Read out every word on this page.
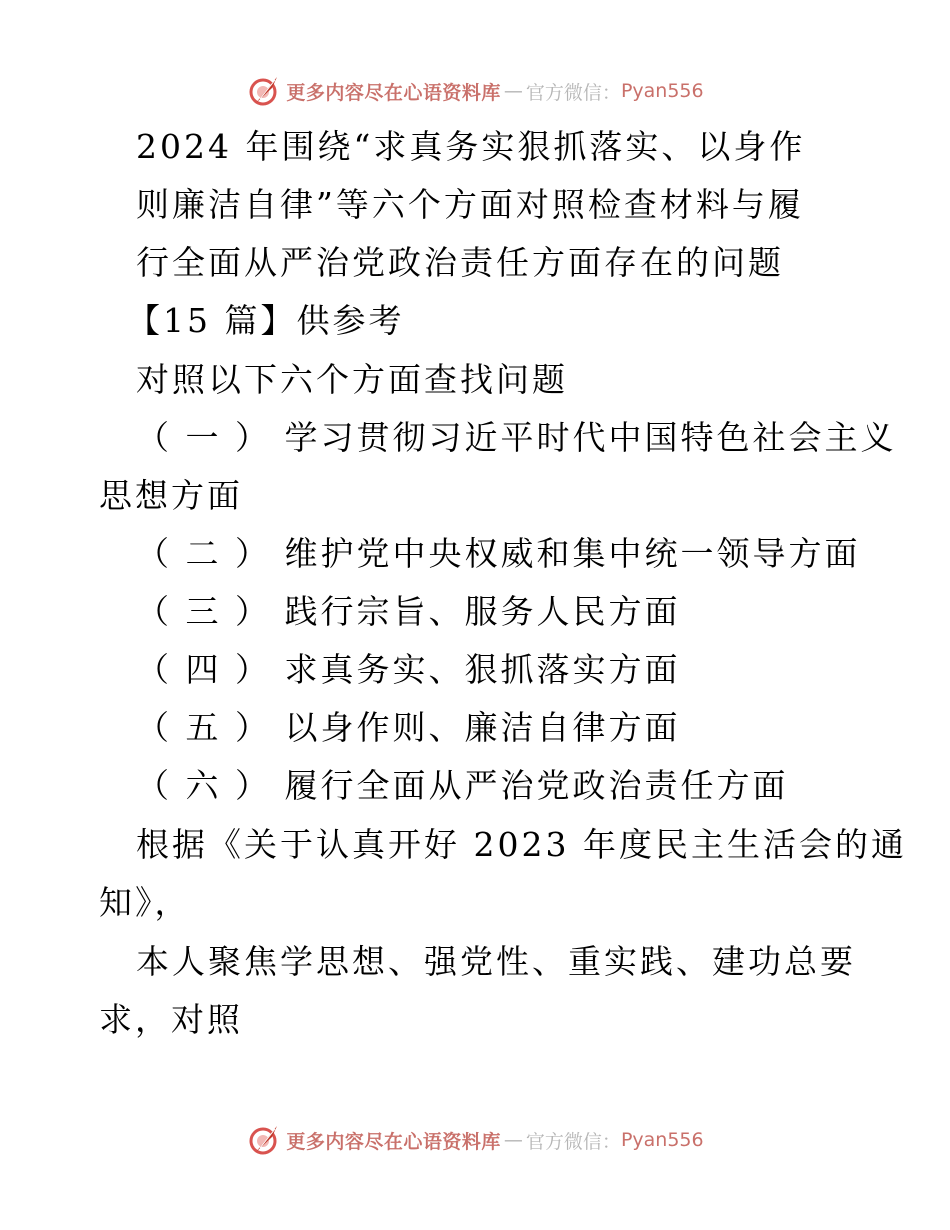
更多内容尽在心语资料库 — 官方微信： Pyan556

2024 年围绕“求真务实狠抓落实、以身作

则廉洁自律”等六个方面对照检查材料与履

行全面从严治党政治责任方面存在的问题

【15 篇】供参考

对照以下六个方面查找问题

（ 一 ） 学习贯彻习近平时代中国特色社会主义

思想方面

（ 二 ） 维护党中央权威和集中统一领导方面

（ 三 ） 践行宗旨、服务人民方面

（ 四 ） 求真务实、狠抓落实方面

（ 五 ） 以身作则、廉洁自律方面

（ 六 ） 履行全面从严治党政治责任方面

根据《关于认真开好 2023 年度民主生活会的通

知》，

本人聚焦学思想、强党性、重实践、建功总要

求，对照

更多内容尽在心语资料库 — 官方微信： Pyan556
